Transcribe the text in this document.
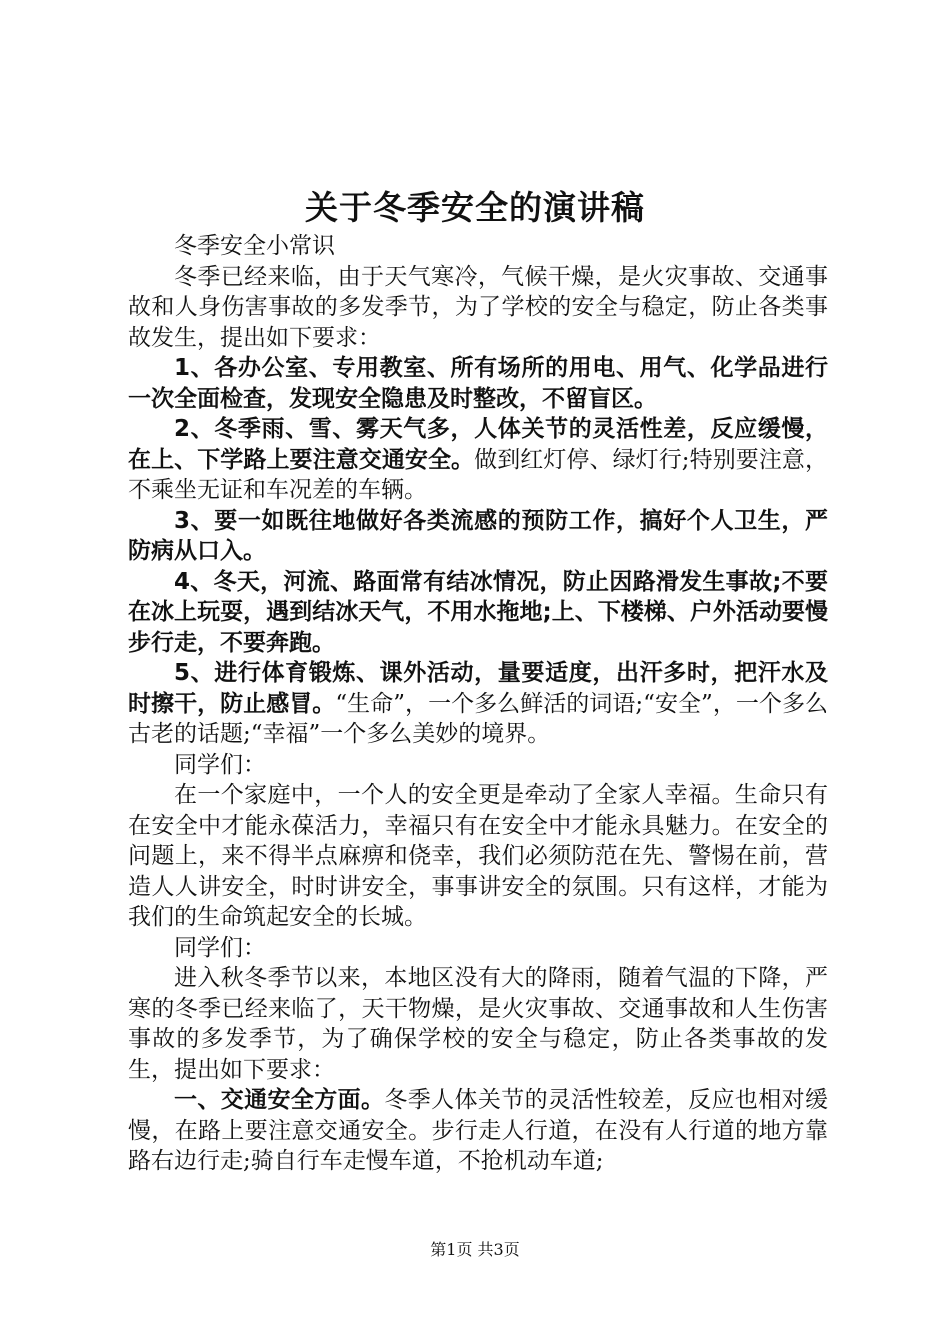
关于冬季安全的演讲稿

冬季安全小常识

冬季已经来临，由于天气寒冷，气候干燥，是火灾事故、交通事故和人身伤害事故的多发季节，为了学校的安全与稳定，防止各类事故发生，提出如下要求：

1、各办公室、专用教室、所有场所的用电、用气、化学品进行一次全面检查，发现安全隐患及时整改，不留盲区。

2、冬季雨、雪、雾天气多，人体关节的灵活性差，反应缓慢，在上、下学路上要注意交通安全。做到红灯停、绿灯行;特别要注意，不乘坐无证和车况差的车辆。

3、要一如既往地做好各类流感的预防工作，搞好个人卫生，严防病从口入。

4、冬天，河流、路面常有结冰情况，防止因路滑发生事故;不要在冰上玩耍，遇到结冰天气，不用水拖地;上、下楼梯、户外活动要慢步行走，不要奔跑。

5、进行体育锻炼、课外活动，量要适度，出汗多时，把汗水及时擦干，防止感冒。“生命”，一个多么鲜活的词语;“安全”，一个多么古老的话题;“幸福”一个多么美妙的境界。

同学们：

在一个家庭中，一个人的安全更是牵动了全家人幸福。生命只有在安全中才能永葆活力，幸福只有在安全中才能永具魅力。在安全的问题上，来不得半点麻痹和侥幸，我们必须防范在先、警惕在前，营造人人讲安全，时时讲安全，事事讲安全的氛围。只有这样，才能为我们的生命筑起安全的长城。

同学们：

进入秋冬季节以来，本地区没有大的降雨，随着气温的下降，严寒的冬季已经来临了，天干物燥，是火灾事故、交通事故和人生伤害事故的多发季节，为了确保学校的安全与稳定，防止各类事故的发生，提出如下要求：

一、交通安全方面。冬季人体关节的灵活性较差，反应也相对缓慢，在路上要注意交通安全。步行走人行道，在没有人行道的地方靠路右边行走;骑自行车走慢车道，不抢机动车道;

第1页 共3页
